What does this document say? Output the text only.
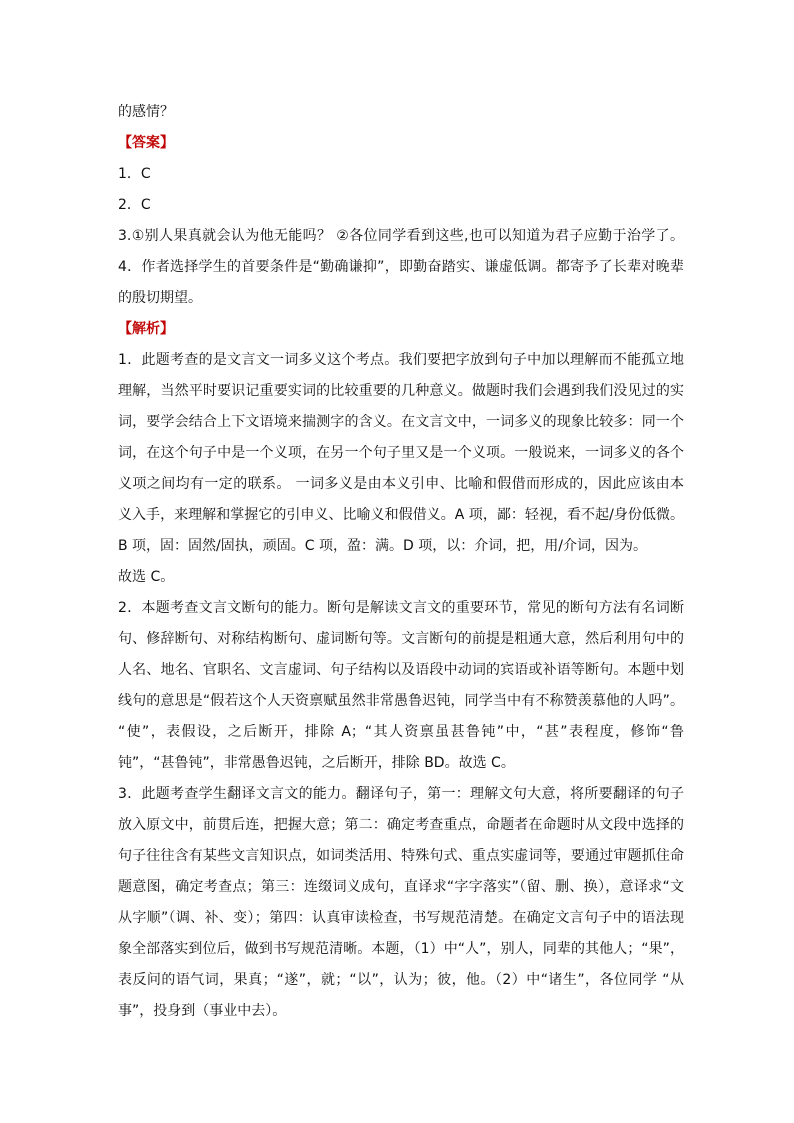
的感情？
【答案】
1．C
2．C
3.①别人果真就会认为他无能吗？ ②各位同学看到这些,也可以知道为君子应勤于治学了。
4．作者选择学生的首要条件是“勤确谦抑”，即勤奋踏实、谦虚低调。都寄予了长辈对晚辈
的殷切期望。
【解析】
1．此题考查的是文言文一词多义这个考点。我们要把字放到句子中加以理解而不能孤立地
理解，当然平时要识记重要实词的比较重要的几种意义。做题时我们会遇到我们没见过的实
词，要学会结合上下文语境来揣测字的含义。在文言文中，一词多义的现象比较多：同一个
词，在这个句子中是一个义项，在另一个句子里又是一个义项。一般说来，一词多义的各个
义项之间均有一定的联系。 一词多义是由本义引申、比喻和假借而形成的，因此应该由本
义入手，来理解和掌握它的引申义、比喻义和假借义。A 项，鄙：轻视，看不起/身份低微。
B 项，固：固然/固执，顽固。C 项，盈：满。D 项，以：介词，把，用/介词，因为。
故选 C。
2．本题考查文言文断句的能力。断句是解读文言文的重要环节，常见的断句方法有名词断
句、修辞断句、对称结构断句、虚词断句等。文言断句的前提是粗通大意，然后利用句中的
人名、地名、官职名、文言虚词、句子结构以及语段中动词的宾语或补语等断句。本题中划
线句的意思是“假若这个人天资禀赋虽然非常愚鲁迟钝，同学当中有不称赞羡慕他的人吗”。
“使”，表假设，之后断开，排除 A；“其人资禀虽甚鲁钝”中，“甚”表程度，修饰“鲁
钝”，“甚鲁钝”，非常愚鲁迟钝，之后断开，排除 BD。故选 C。
3．此题考查学生翻译文言文的能力。翻译句子，第一：理解文句大意，将所要翻译的句子
放入原文中，前贯后连，把握大意；第二：确定考查重点，命题者在命题时从文段中选择的
句子往往含有某些文言知识点，如词类活用、特殊句式、重点实虚词等，要通过审题抓住命
题意图，确定考查点；第三：连缀词义成句，直译求“字字落实”（留、删、换），意译求“文
从字顺”（调、补、变）；第四：认真审读检查，书写规范清楚。在确定文言句子中的语法现
象全部落实到位后，做到书写规范清晰。本题，（1）中“人”，别人，同辈的其他人；“果”，
表反问的语气词，果真；“遂”，就；“以”，认为；彼，他。（2）中“诸生”，各位同学 “从
事”，投身到（事业中去）。
